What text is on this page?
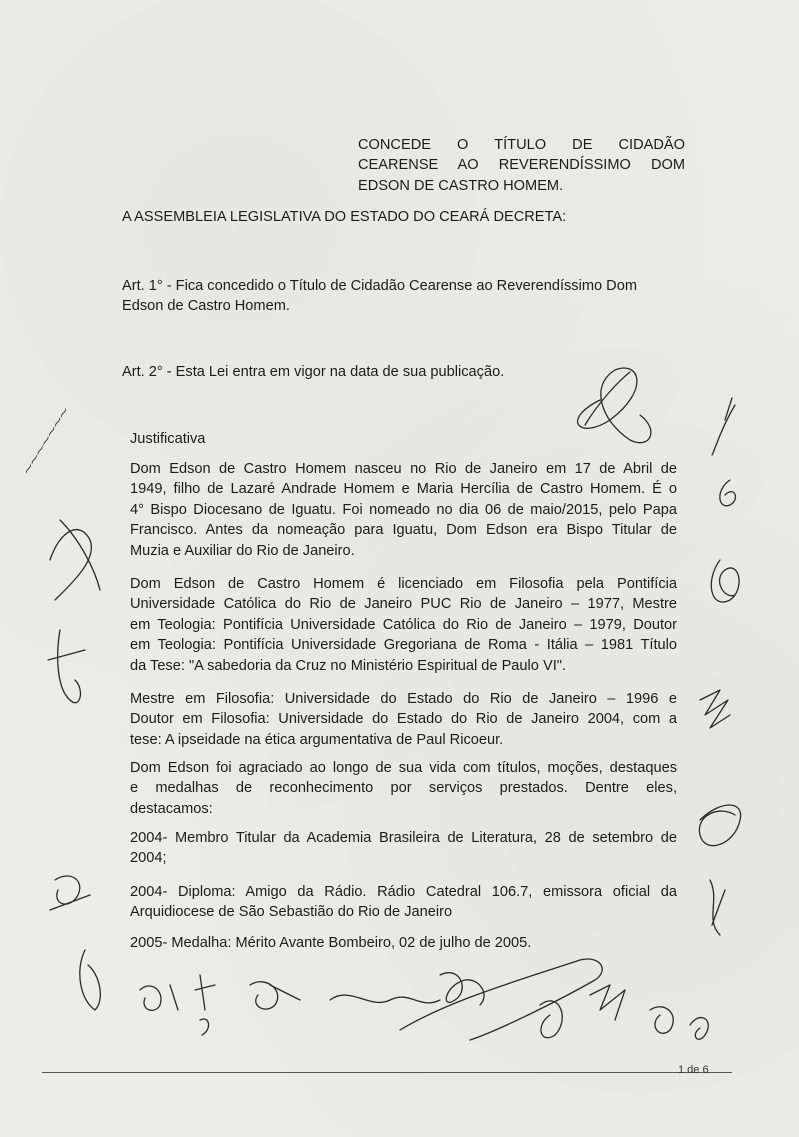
CONCEDE O TÍTULO DE CIDADÃO
CEARENSE AO REVERENDÍSSIMO DOM
EDSON DE CASTRO HOMEM.
A ASSEMBLEIA LEGISLATIVA DO ESTADO DO CEARÁ DECRETA:
Art. 1° - Fica concedido o Título de Cidadão Cearense ao Reverendíssimo Dom
Edson de Castro Homem.
Art. 2° - Esta Lei entra em vigor na data de sua publicação.
Justificativa
Dom Edson de Castro Homem nasceu no Rio de Janeiro em 17 de Abril de
1949, filho de Lazaré Andrade Homem e Maria Hercília de Castro Homem. É o
4° Bispo Diocesano de Iguatu. Foi nomeado no dia 06 de maio/2015, pelo Papa
Francisco. Antes da nomeação para Iguatu, Dom Edson era Bispo Titular de
Muzia e Auxiliar do Rio de Janeiro.
Dom Edson de Castro Homem é licenciado em Filosofia pela Pontifícia
Universidade Católica do Rio de Janeiro PUC Rio de Janeiro – 1977, Mestre
em Teologia: Pontifícia Universidade Católica do Rio de Janeiro – 1979, Doutor
em Teologia: Pontifícia Universidade Gregoriana de Roma - Itália – 1981 Título
da Tese: "A sabedoria da Cruz no Ministério Espiritual de Paulo VI".
Mestre em Filosofia: Universidade do Estado do Rio de Janeiro – 1996 e
Doutor em Filosofia: Universidade do Estado do Rio de Janeiro 2004, com a
tese: A ipseidade na ética argumentativa de Paul Ricoeur.
Dom Edson foi agraciado ao longo de sua vida com títulos, moções, destaques
e medalhas de reconhecimento por serviços prestados. Dentre eles,
destacamos:
2004- Membro Titular da Academia Brasileira de Literatura, 28 de setembro de
2004;
2004- Diploma: Amigo da Rádio. Rádio Catedral 106.7, emissora oficial da
Arquidiocese de São Sebastião do Rio de Janeiro
2005- Medalha: Mérito Avante Bombeiro, 02 de julho de 2005.
⁓⁓⁓⁓⁓⁓⁓
1 de 6
